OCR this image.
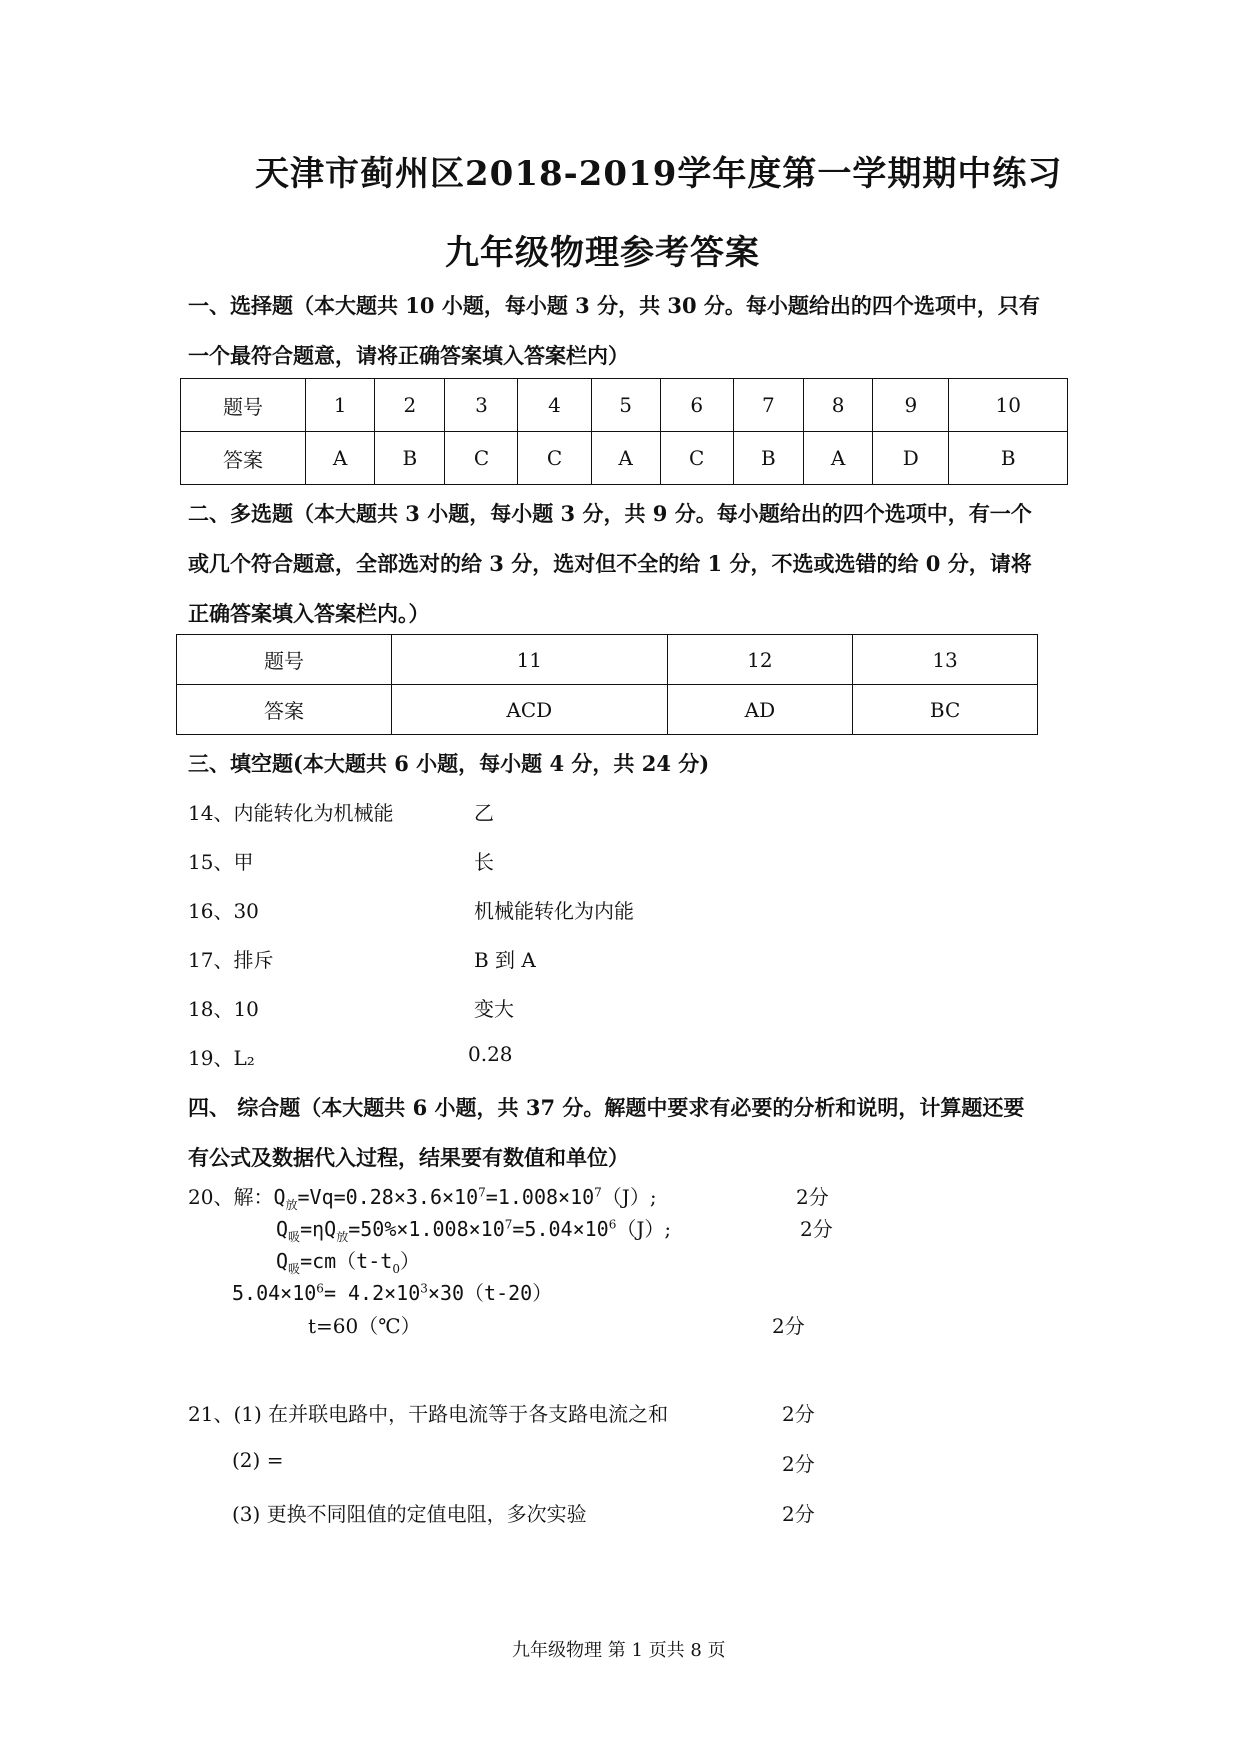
天津市蓟州区2018-2019学年度第一学期期中练习
九年级物理参考答案
一、选择题（本大题共 10 小题，每小题 3 分，共 30 分。每小题给出的四个选项中，只有
一个最符合题意，请将正确答案填入答案栏内）
题号	1	2	3	4	5	6	7	8	9	10
答案	A	B	C	C	A	C	B	A	D	B
二、多选题（本大题共 3 小题，每小题 3 分，共 9 分。每小题给出的四个选项中，有一个
或几个符合题意，全部选对的给 3 分，选对但不全的给 1 分，不选或选错的给 0 分，请将
正确答案填入答案栏内。）
题号	11	12	13
答案	ACD	AD	BC
三、填空题(本大题共 6 小题，每小题 4 分，共 24 分)
14、内能转化为机械能	乙
15、甲	长
16、30	机械能转化为内能
17、排斥	B 到 A
18、10	变大
19、L₂	0.28
四、 综合题（本大题共 6 小题，共 37 分。解题中要求有必要的分析和说明，计算题还要
有公式及数据代入过程，结果要有数值和单位）
20、解：$Q_放=Vq=0.28\times 3.6\times 10^7=1.008\times 10^7(J)$;	2分
$Q_吸=\eta Q_放=50\%\times 1.008\times 10^7=5.04\times 10^6(J)$;	2分
$Q_吸=cm(t-t_0)$
$5.04\times 10^6= 4.2\times 10^3\times 30(t-20)$
t=60（℃）	2分
21、(1) 在并联电路中，干路电流等于各支路电流之和	2分
(2) =	2分
(3) 更换不同阻值的定值电阻，多次实验	2分
九年级物理 第 1 页共 8 页
